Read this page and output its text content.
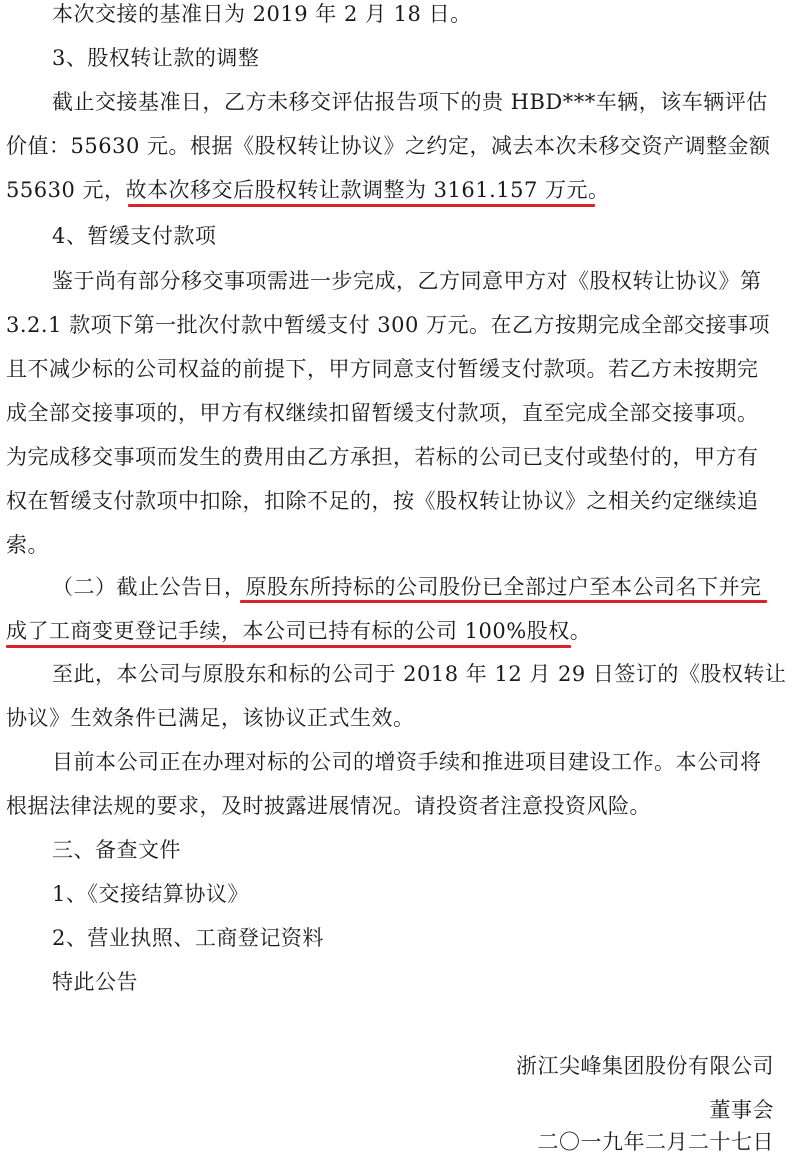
本次交接的基准日为 2019 年 2 月 18 日。
3、股权转让款的调整
截止交接基准日，乙方未移交评估报告项下的贵 HBD***车辆，该车辆评估
价值：55630 元。根据《股权转让协议》之约定，减去本次未移交资产调整金额
55630 元，故本次移交后股权转让款调整为 3161.157 万元。
4、暂缓支付款项
鉴于尚有部分移交事项需进一步完成，乙方同意甲方对《股权转让协议》第
3.2.1 款项下第一批次付款中暂缓支付 300 万元。在乙方按期完成全部交接事项
且不减少标的公司权益的前提下，甲方同意支付暂缓支付款项。若乙方未按期完
成全部交接事项的，甲方有权继续扣留暂缓支付款项，直至完成全部交接事项。
为完成移交事项而发生的费用由乙方承担，若标的公司已支付或垫付的，甲方有
权在暂缓支付款项中扣除，扣除不足的，按《股权转让协议》之相关约定继续追
索。
（二）截止公告日，原股东所持标的公司股份已全部过户至本公司名下并完
成了工商变更登记手续，本公司已持有标的公司 100%股权。
至此，本公司与原股东和标的公司于 2018 年 12 月 29 日签订的《股权转让
协议》生效条件已满足，该协议正式生效。
目前本公司正在办理对标的公司的增资手续和推进项目建设工作。本公司将
根据法律法规的要求，及时披露进展情况。请投资者注意投资风险。
三、备查文件
1、《交接结算协议》
2、营业执照、工商登记资料
特此公告
浙江尖峰集团股份有限公司
董事会
二〇一九年二月二十七日
